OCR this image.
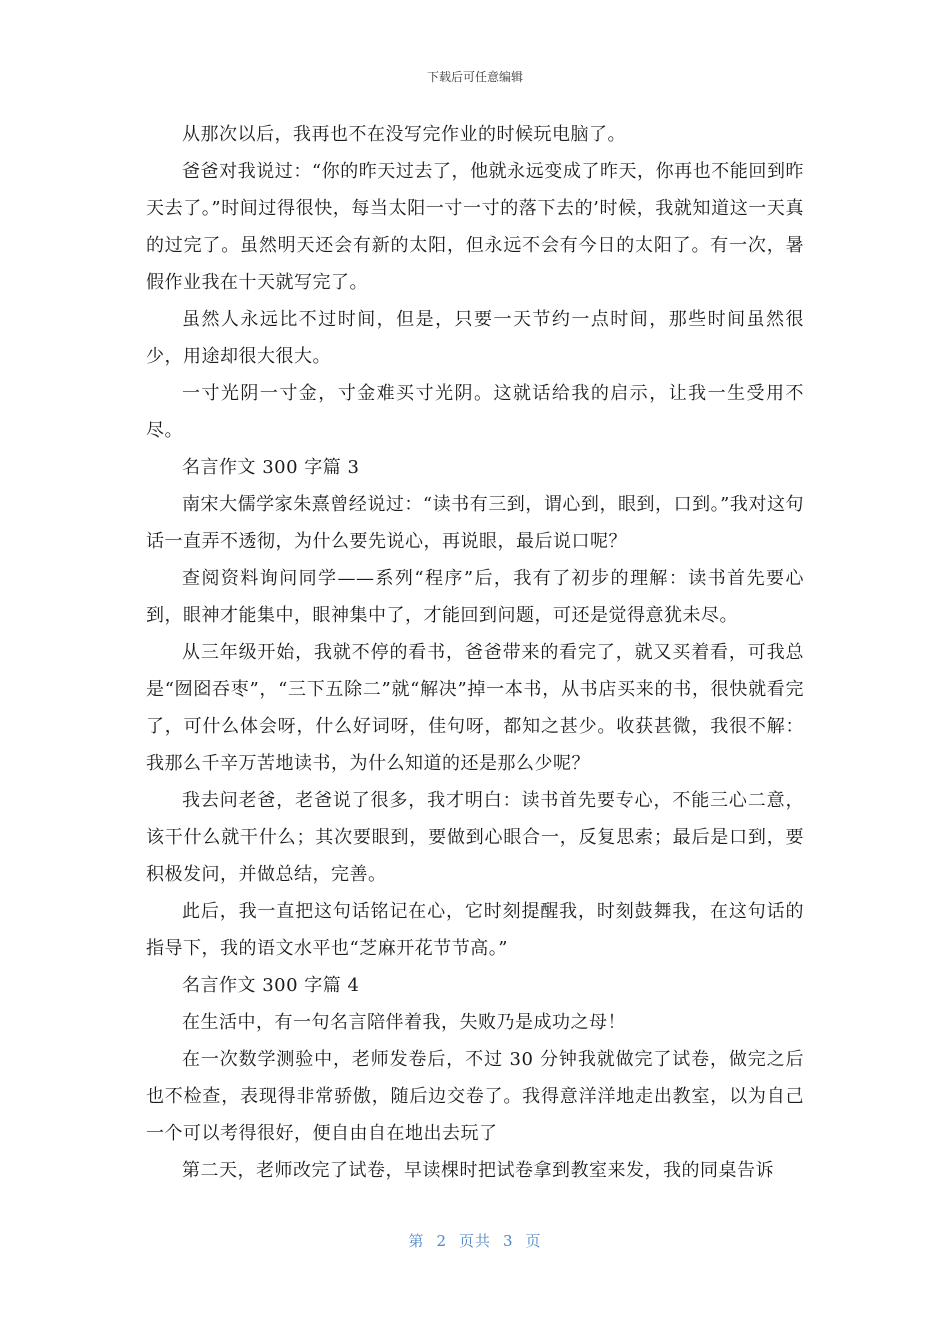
下载后可任意编辑

从那次以后，我再也不在没写完作业的时候玩电脑了。

爸爸对我说过：“你的昨天过去了，他就永远变成了昨天，你再也不能回到昨天去了。”时间过得很快，每当太阳一寸一寸的落下去的’时候，我就知道这一天真的过完了。虽然明天还会有新的太阳，但永远不会有今日的太阳了。有一次，暑假作业我在十天就写完了。

虽然人永远比不过时间，但是，只要一天节约一点时间，那些时间虽然很少，用途却很大很大。

一寸光阴一寸金，寸金难买寸光阴。这就话给我的启示，让我一生受用不尽。

名言作文 300 字篇 3

南宋大儒学家朱熹曾经说过：“读书有三到，谓心到，眼到，口到。”我对这句话一直弄不透彻，为什么要先说心，再说眼，最后说口呢？

查阅资料询问同学——系列“程序”后，我有了初步的理解：读书首先要心到，眼神才能集中，眼神集中了，才能回到问题，可还是觉得意犹未尽。

从三年级开始，我就不停的看书，爸爸带来的看完了，就又买着看，可我总是“囫囵吞枣”，“三下五除二”就“解决”掉一本书，从书店买来的书，很快就看完了，可什么体会呀，什么好词呀，佳句呀，都知之甚少。收获甚微，我很不解：我那么千辛万苦地读书，为什么知道的还是那么少呢？

我去问老爸，老爸说了很多，我才明白：读书首先要专心，不能三心二意，该干什么就干什么；其次要眼到，要做到心眼合一，反复思索；最后是口到，要积极发问，并做总结，完善。

此后，我一直把这句话铭记在心，它时刻提醒我，时刻鼓舞我，在这句话的指导下，我的语文水平也“芝麻开花节节高。”

名言作文 300 字篇 4

在生活中，有一句名言陪伴着我，失败乃是成功之母！

在一次数学测验中，老师发卷后，不过 30 分钟我就做完了试卷，做完之后也不检查，表现得非常骄傲，随后边交卷了。我得意洋洋地走出教室，以为自己一个可以考得很好，便自由自在地出去玩了

第二天，老师改完了试卷，早读棵时把试卷拿到教室来发，我的同桌告诉

第 2 页共 3 页
